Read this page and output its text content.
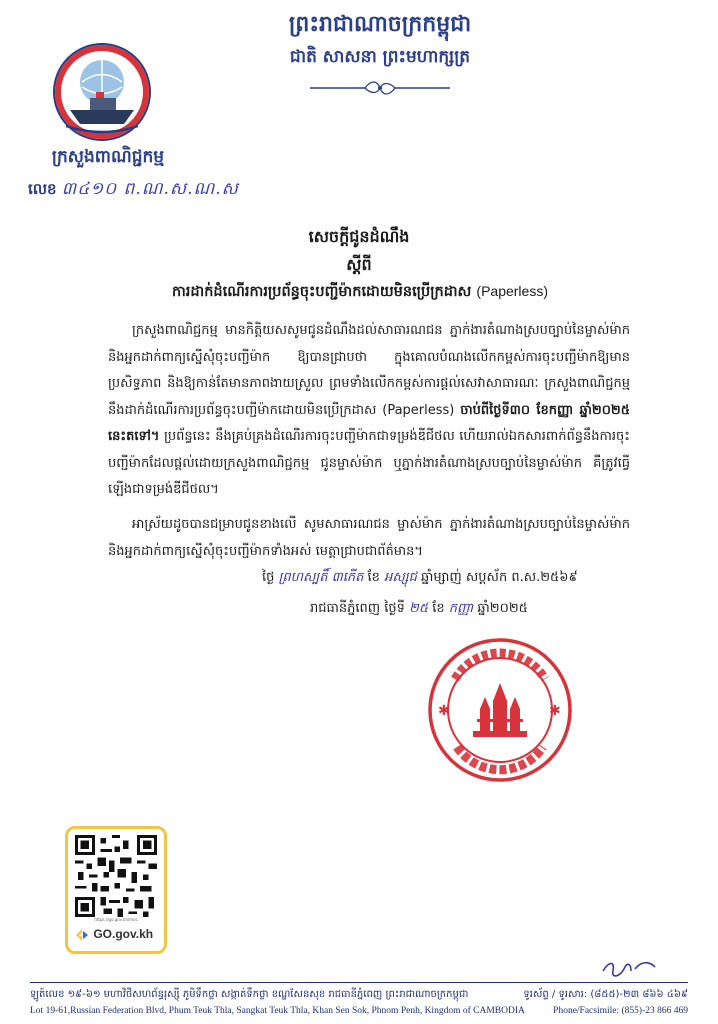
ព្រះរាជាណាចក្រកម្ពុជា
ជាតិ សាសនា ព្រះមហាក្សត្រ
ក្រសួងពាណិជ្ជកម្ម
លេខ ៣៤១០ ព.ណ.ស.ណ.ស
សេចក្ដីជូនដំណឹង
ស្ដីពី
ការដាក់ដំណើរការប្រព័ន្ធចុះបញ្ជីម៉ាកដោយមិនប្រើក្រដាស (Paperless)
ក្រសួងពាណិជ្ជកម្ម មានកិត្តិយសសូមជូនដំណឹងដល់សាធារណជន ភ្នាក់ងារតំណាងស្របច្បាប់នៃម្ចាស់ម៉ាក និងអ្នកដាក់ពាក្យស្នើសុំចុះបញ្ជីម៉ាក ឱ្យបានជ្រាបថា ក្នុងគោលបំណងលើកកម្ពស់ការចុះបញ្ជីម៉ាកឱ្យមានប្រសិទ្ធភាព និងឱ្យកាន់តែមានភាពងាយស្រួល ព្រមទាំងលើកកម្ពស់ការផ្ដល់សេវាសាធារណៈ ក្រសួងពាណិជ្ជកម្មនឹងដាក់ដំណើរការប្រព័ន្ធចុះបញ្ជីម៉ាកដោយមិនប្រើក្រដាស (Paperless) ចាប់ពីថ្ងៃទី៣០ ខែកញ្ញា ឆ្នាំ២០២៥ នេះតទៅ។ ប្រព័ន្ធនេះ នឹងគ្រប់គ្រងដំណើរការចុះបញ្ជីម៉ាកជាទម្រង់ឌីជីថល ហើយរាល់ឯកសារពាក់ព័ន្ធនឹងការចុះបញ្ជីម៉ាកដែលផ្ដល់ដោយក្រសួងពាណិជ្ជកម្ម ជូនម្ចាស់ម៉ាក ឬភ្នាក់ងារតំណាងស្របច្បាប់នៃម្ចាស់ម៉ាក គឺត្រូវធ្វើឡើងជាទម្រង់ឌីជីថល។
អាស្រ័យដូចបានជម្រាបជូនខាងលើ សូមសាធារណជន ម្ចាស់ម៉ាក ភ្នាក់ងារតំណាងស្របច្បាប់នៃម្ចាស់ម៉ាក និងអ្នកដាក់ពាក្យស្នើសុំចុះបញ្ជីម៉ាកទាំងអស់ មេត្តាជ្រាបជាព័ត៌មាន។
ថ្ងៃ ព្រហស្បតិ៍ ៣កើត ខែ អស្សុជ ឆ្នាំម្សាញ់ សប្តស័ក ព.ស.២៥៦៩
រាជធានីភ្នំពេញ ថ្ងៃទី ២៥ ខែ កញ្ញា ឆ្នាំ២០២៥
✱	✱
https://go.gov.kh/moc
GO.gov.kh
ឡូត៍លេខ ១៩-៦១ មហាវិថីសហព័ន្ធរុស្ស៊ី ភូមិទឹកថ្លា សង្កាត់ទឹកថ្លា ខណ្ឌសែនសុខ រាជធានីភ្នំពេញ ព្រះរាជាណាចក្រកម្ពុជា	ទូរស័ព្ទ / ទូរសារ: (៨៥៥)-២៣ ៨៦៦ ៤៦៩
Lot 19-61,Russian Federation Blvd, Phum Teuk Thla, Sangkat Teuk Thla, Khan Sen Sok, Phnom Penh, Kingdom of CAMBODIA	Phone/Facsimile: (855)-23 866 469
